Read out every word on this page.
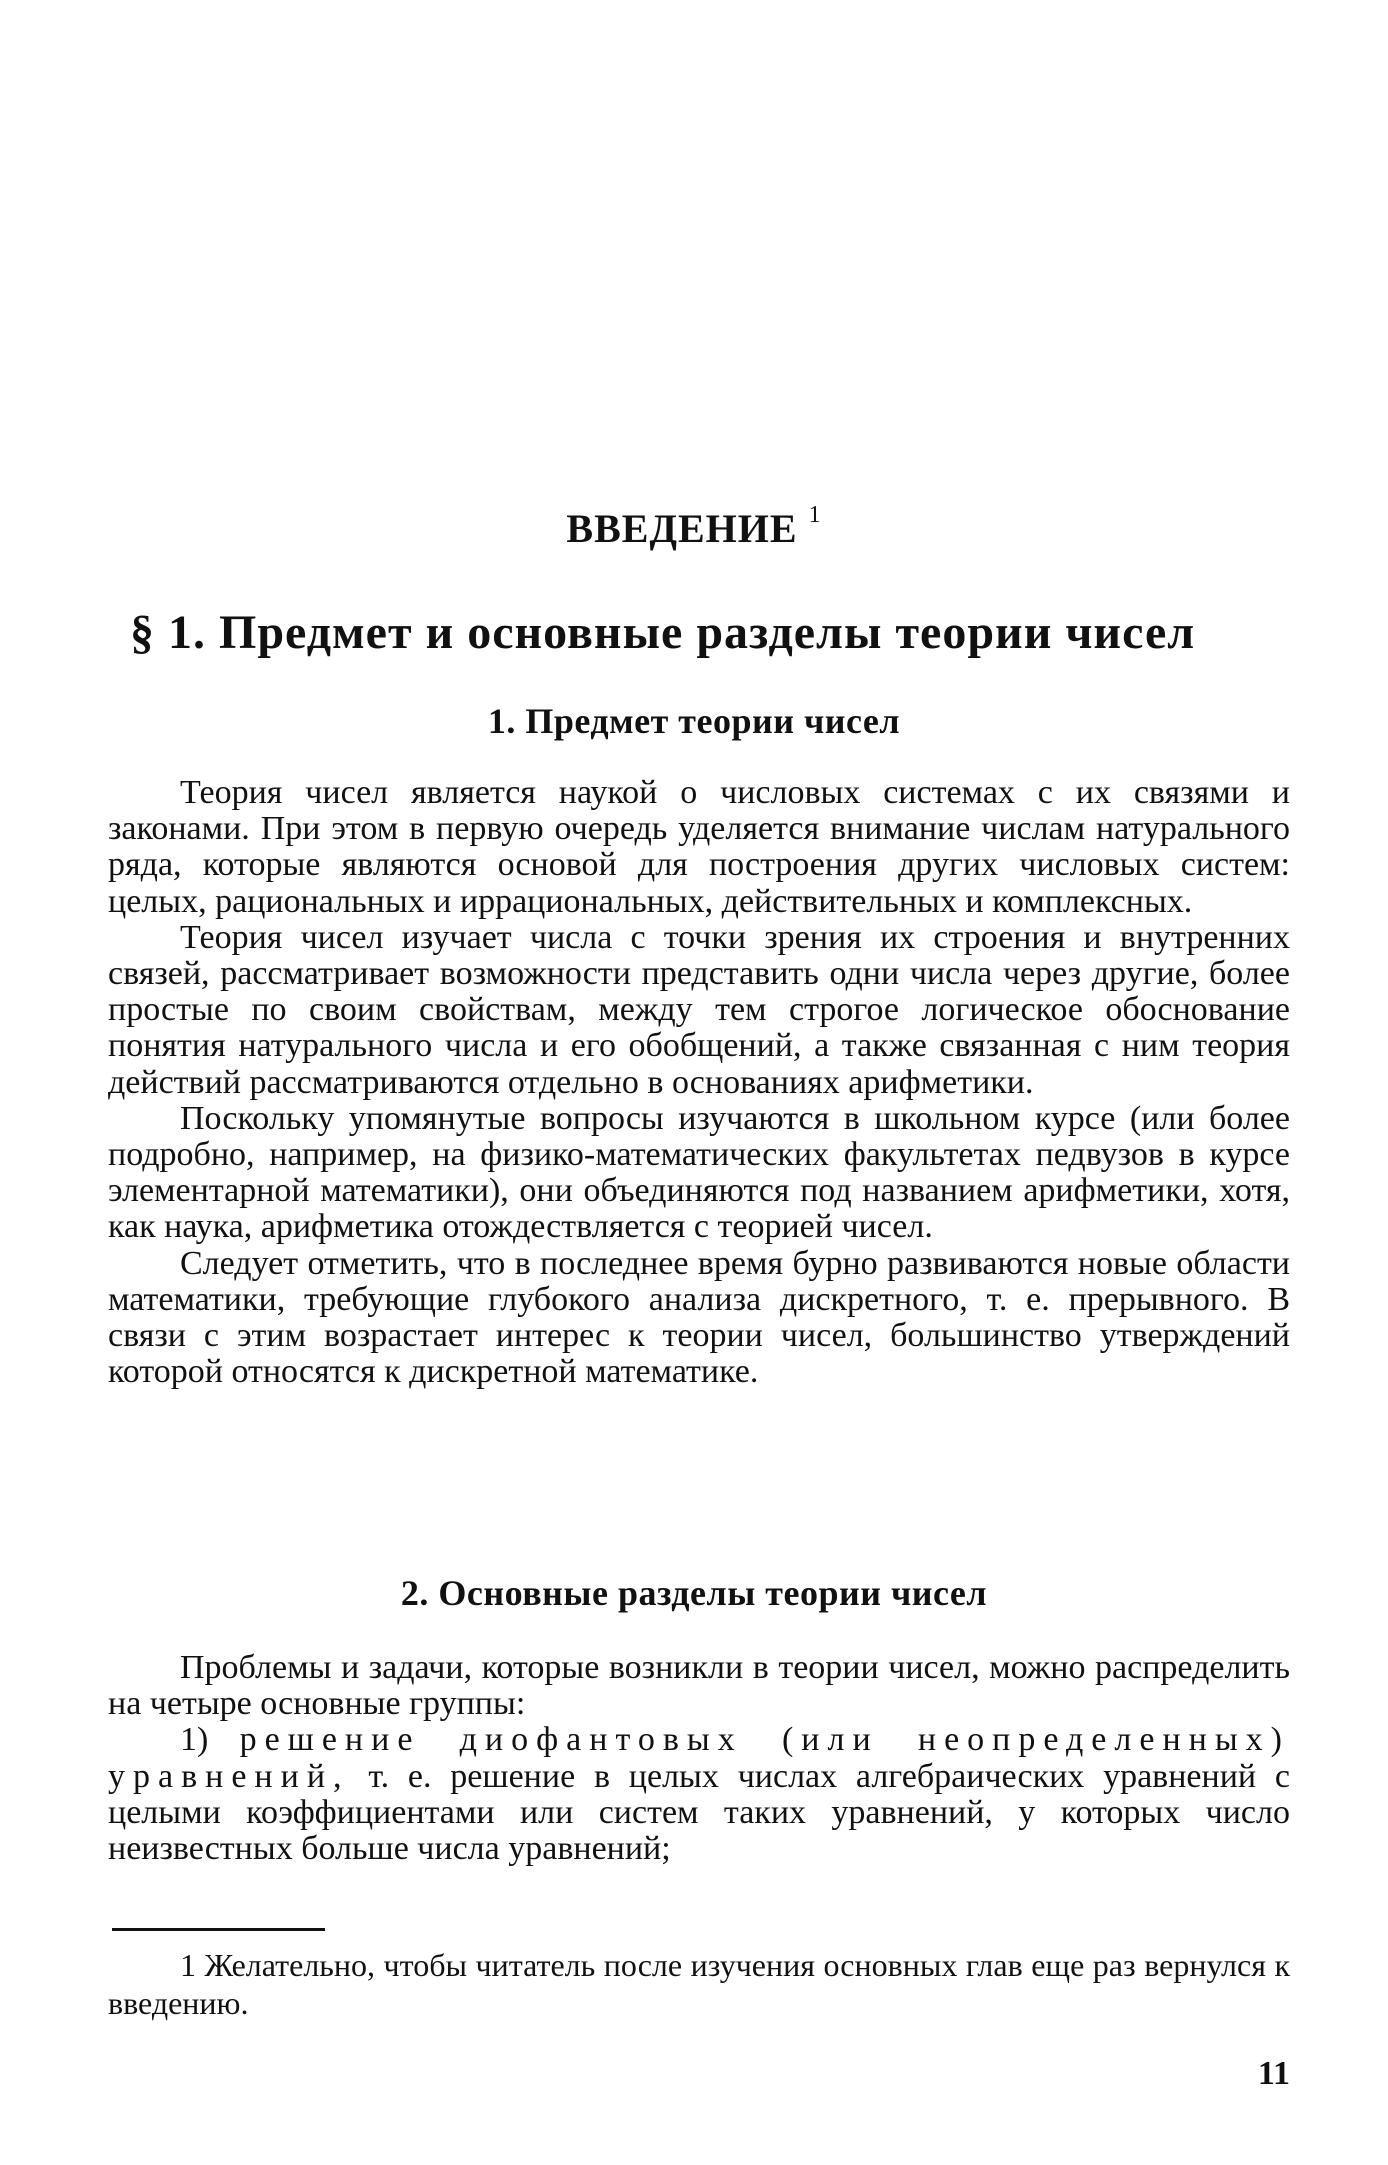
ВВЕДЕНИЕ $^1$
§ 1. Предмет и основные разделы теории чисел
1. Предмет теории чисел

Теория чисел является наукой о числовых системах с их связями и законами. При этом в первую очередь уделяется внимание числам натурального ряда, которые являются основой для построения других числовых систем: целых, рациональных и иррациональных, действительных и комплексных.

Теория чисел изучает числа с точки зрения их строения и внутренних связей, рассматривает возможности представить одни числа через другие, более простые по своим свойствам, между тем строгое логическое обоснование понятия натурального числа и его обобщений, а также связанная с ним теория действий рассматриваются отдельно в основаниях арифметики.

Поскольку упомянутые вопросы изучаются в школьном курсе (или более подробно, например, на физико-математических факультетах педвузов в курсе элементарной математики), они объединяются под названием арифметики, хотя, как наука, арифметика отождествляется с теорией чисел.

Следует отметить, что в последнее время бурно развиваются новые области математики, требующие глубокого анализа дискретного, т. е. прерывного. В связи с этим возрастает интерес к теории чисел, большинство утверждений которой относятся к дискретной математике.

2. Основные разделы теории чисел

Проблемы и задачи, которые возникли в теории чисел, можно распределить на четыре основные группы:

1) решение диофантовых (или неопределенных) уравнений, т. е. решение в целых числах алгебраических уравнений с целыми коэффициентами или систем таких уравнений, у которых число неизвестных больше числа уравнений;

1 Желательно, чтобы читатель после изучения основных глав еще раз вернулся к введению.

11
